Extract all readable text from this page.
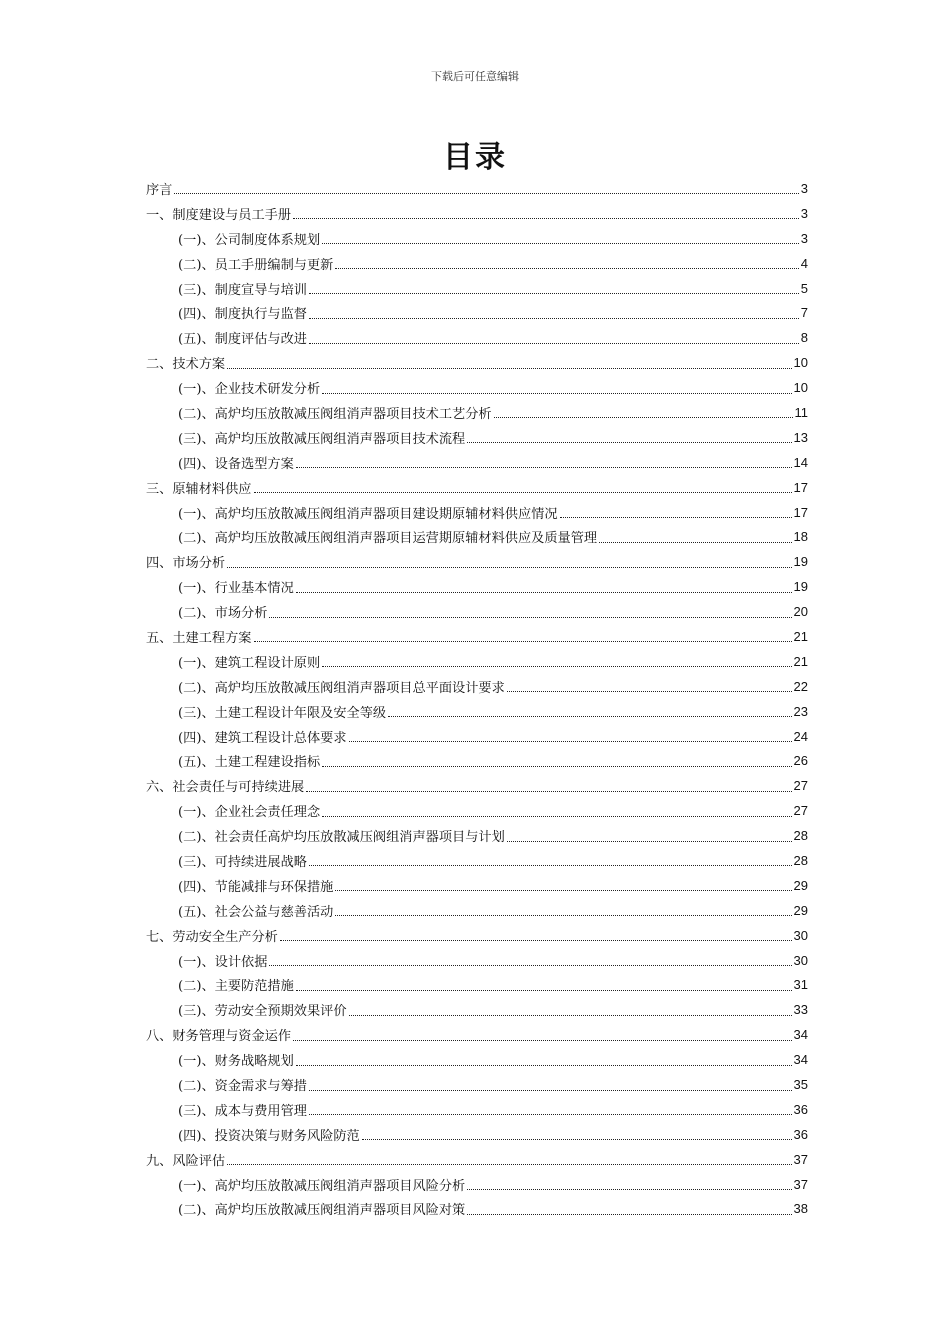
下载后可任意编辑
目录
序言	3
一、制度建设与员工手册	3
(一)、公司制度体系规划	3
(二)、员工手册编制与更新	4
(三)、制度宣导与培训	5
(四)、制度执行与监督	7
(五)、制度评估与改进	8
二、技术方案	10
(一)、企业技术研发分析	10
(二)、高炉均压放散减压阀组消声器项目技术工艺分析	11
(三)、高炉均压放散减压阀组消声器项目技术流程	13
(四)、设备选型方案	14
三、原辅材料供应	17
(一)、高炉均压放散减压阀组消声器项目建设期原辅材料供应情况	17
(二)、高炉均压放散减压阀组消声器项目运营期原辅材料供应及质量管理	18
四、市场分析	19
(一)、行业基本情况	19
(二)、市场分析	20
五、土建工程方案	21
(一)、建筑工程设计原则	21
(二)、高炉均压放散减压阀组消声器项目总平面设计要求	22
(三)、土建工程设计年限及安全等级	23
(四)、建筑工程设计总体要求	24
(五)、土建工程建设指标	26
六、社会责任与可持续进展	27
(一)、企业社会责任理念	27
(二)、社会责任高炉均压放散减压阀组消声器项目与计划	28
(三)、可持续进展战略	28
(四)、节能减排与环保措施	29
(五)、社会公益与慈善活动	29
七、劳动安全生产分析	30
(一)、设计依据	30
(二)、主要防范措施	31
(三)、劳动安全预期效果评价	33
八、财务管理与资金运作	34
(一)、财务战略规划	34
(二)、资金需求与筹措	35
(三)、成本与费用管理	36
(四)、投资决策与财务风险防范	36
九、风险评估	37
(一)、高炉均压放散减压阀组消声器项目风险分析	37
(二)、高炉均压放散减压阀组消声器项目风险对策	38
